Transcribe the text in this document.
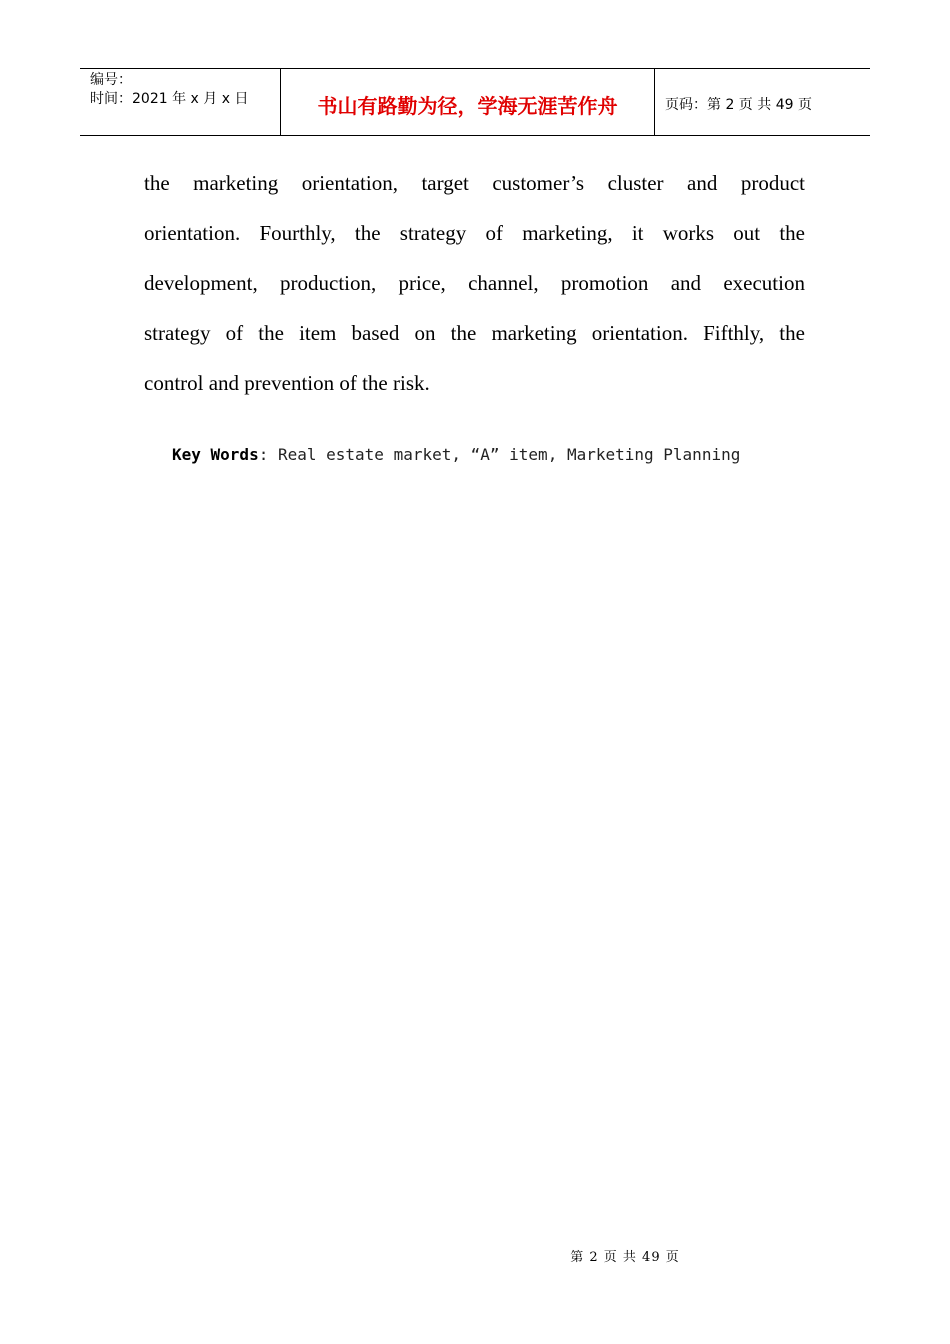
编号：
时间：2021 年 x 月 x 日	书山有路勤为径，学海无涯苦作舟	页码：第 2 页 共 49 页
the marketing orientation, target customer’s cluster and product
orientation. Fourthly, the strategy of marketing, it works out the
development, production, price, channel, promotion and execution
strategy of the item based on the marketing orientation. Fifthly, the
control and prevention of the risk.
Key Words: Real estate market, “A” item, Marketing Planning
第 2 页 共 49 页
